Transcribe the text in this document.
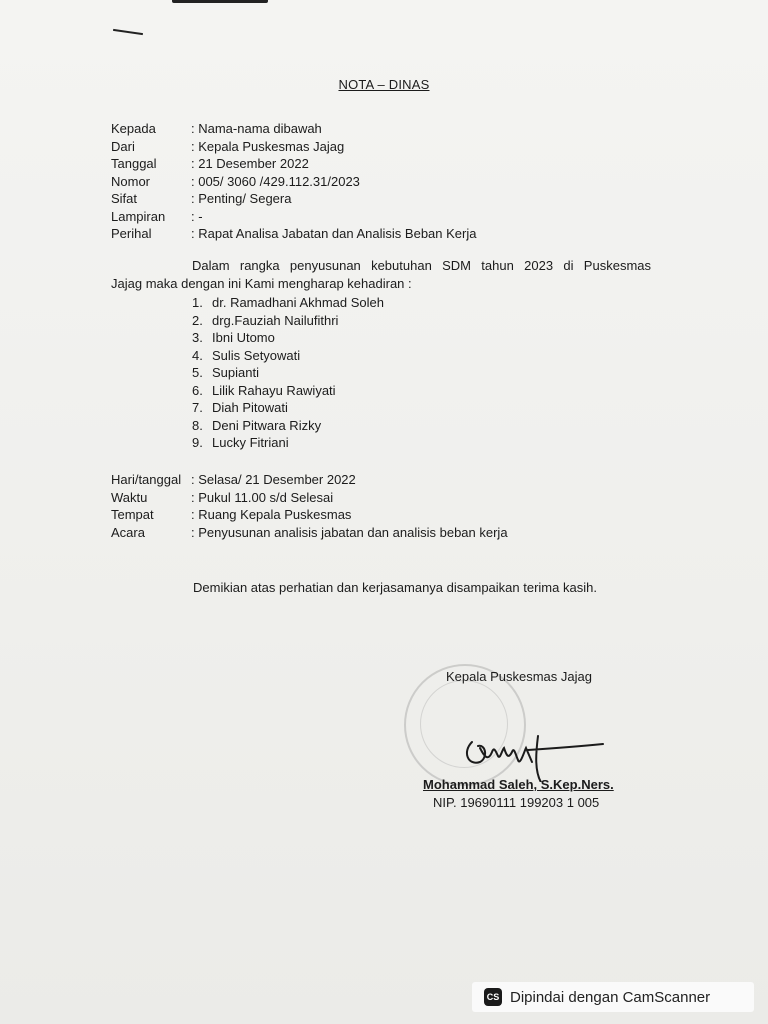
NOTA – DINAS
Kepada	: Nama-nama dibawah
Dari	: Kepala Puskesmas Jajag
Tanggal	: 21 Desember 2022
Nomor	: 005/ 3060 /429.112.31/2023
Sifat	: Penting/ Segera
Lampiran	: -
Perihal	: Rapat Analisa Jabatan dan Analisis Beban Kerja
Dalam rangka penyusunan kebutuhan SDM tahun 2023 di Puskesmas
Jajag maka dengan ini Kami mengharap kehadiran :
1. dr. Ramadhani Akhmad Soleh
2. drg.Fauziah Nailufithri
3. Ibni Utomo
4. Sulis Setyowati
5. Supianti
6. Lilik Rahayu Rawiyati
7. Diah Pitowati
8. Deni Pitwara Rizky
9. Lucky Fitriani
Hari/tanggal : Selasa/ 21 Desember 2022
Waktu	: Pukul 11.00 s/d Selesai
Tempat	: Ruang Kepala Puskesmas
Acara	: Penyusunan analisis jabatan dan analisis beban kerja
Demikian atas perhatian dan kerjasamanya disampaikan terima kasih.
Kepala Puskesmas Jajag
Mohammad Saleh, S.Kep.Ners.
NIP. 19690111 199203 1 005
CS Dipindai dengan CamScanner
